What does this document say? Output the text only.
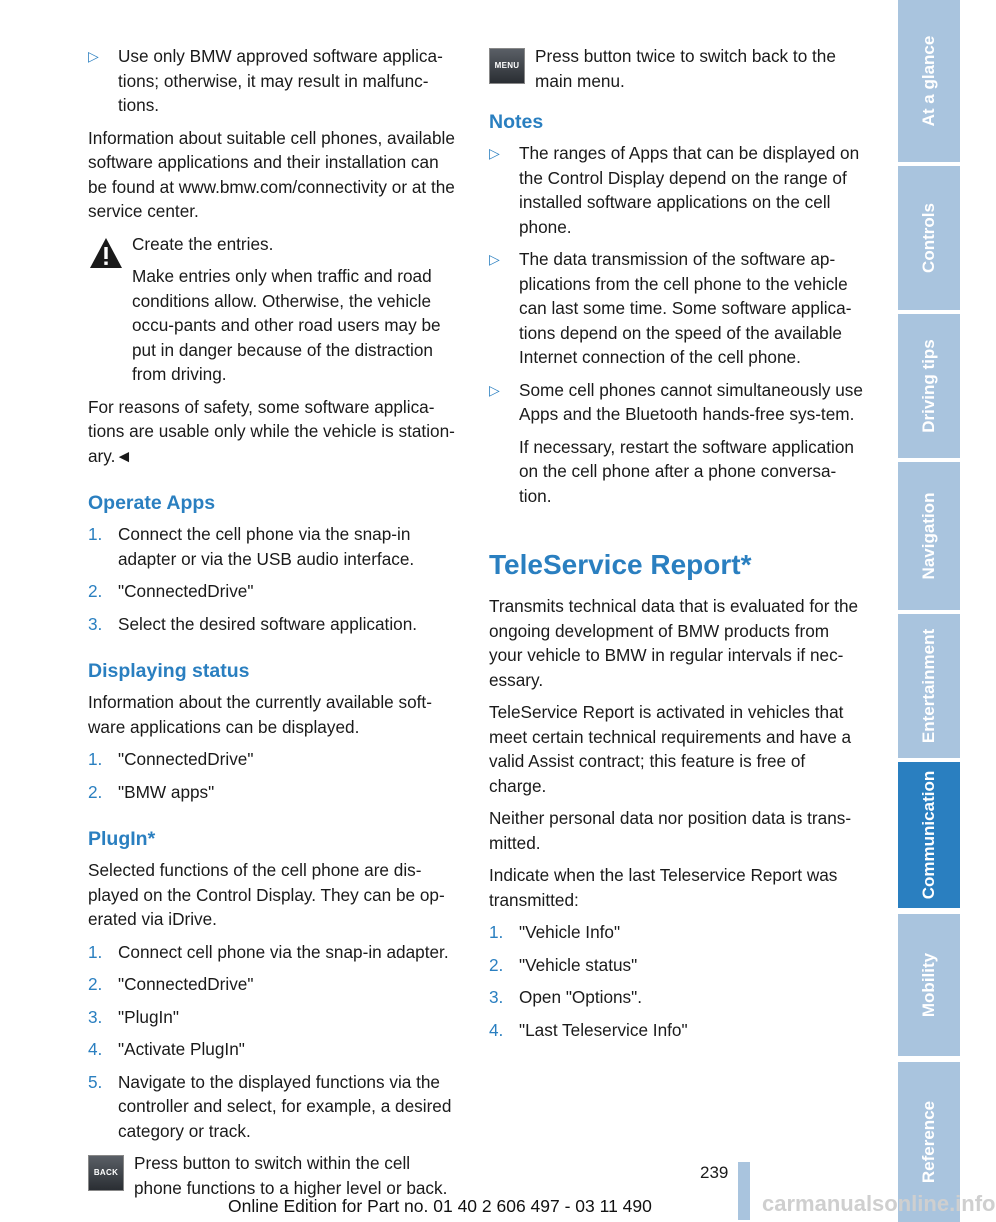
▷ Use only BMW approved software applica-tions; otherwise, it may result in malfunc-tions.

Information about suitable cell phones, available software applications and their installation can be found at www.bmw.com/connectivity or at the service center.

Create the entries.
Make entries only when traffic and road conditions allow. Otherwise, the vehicle occu-pants and other road users may be put in danger because of the distraction from driving.

For reasons of safety, some software applica-tions are usable only while the vehicle is station-ary.◄

Operate Apps
1. Connect the cell phone via the snap-in adapter or via the USB audio interface.
2. "ConnectedDrive"
3. Select the desired software application.
Displaying status

Information about the currently available soft-ware applications can be displayed.

1. "ConnectedDrive"
2. "BMW apps"
PlugIn*

Selected functions of the cell phone are dis-played on the Control Display. They can be op-erated via iDrive.

1. Connect cell phone via the snap-in adapter.
2. "ConnectedDrive"
3. "PlugIn"
4. "Activate PlugIn"
5. Navigate to the displayed functions via the controller and select, for example, a desired category or track.
BACK Press button to switch within the cell phone functions to a higher level or back.
MENU Press button twice to switch back to the main menu.
Notes
▷ The ranges of Apps that can be displayed on the Control Display depend on the range of installed software applications on the cell phone.
▷ The data transmission of the software ap-plications from the cell phone to the vehicle can last some time. Some software applica-tions depend on the speed of the available Internet connection of the cell phone.
▷ Some cell phones cannot simultaneously use Apps and the Bluetooth hands-free sys-tem.
If necessary, restart the software application on the cell phone after a phone conversa-tion.
TeleService Report*

Transmits technical data that is evaluated for the ongoing development of BMW products from your vehicle to BMW in regular intervals if nec-essary.

TeleService Report is activated in vehicles that meet certain technical requirements and have a valid Assist contract; this feature is free of charge.

Neither personal data nor position data is trans-mitted.

Indicate when the last Teleservice Report was transmitted:

1. "Vehicle Info"
2. "Vehicle status"
3. Open "Options".
4. "Last Teleservice Info"
At a glance
Controls
Driving tips
Navigation
Entertainment
Communication
Mobility
Reference
239
Online Edition for Part no. 01 40 2 606 497 - 03 11 490	carmanualsonline.info
